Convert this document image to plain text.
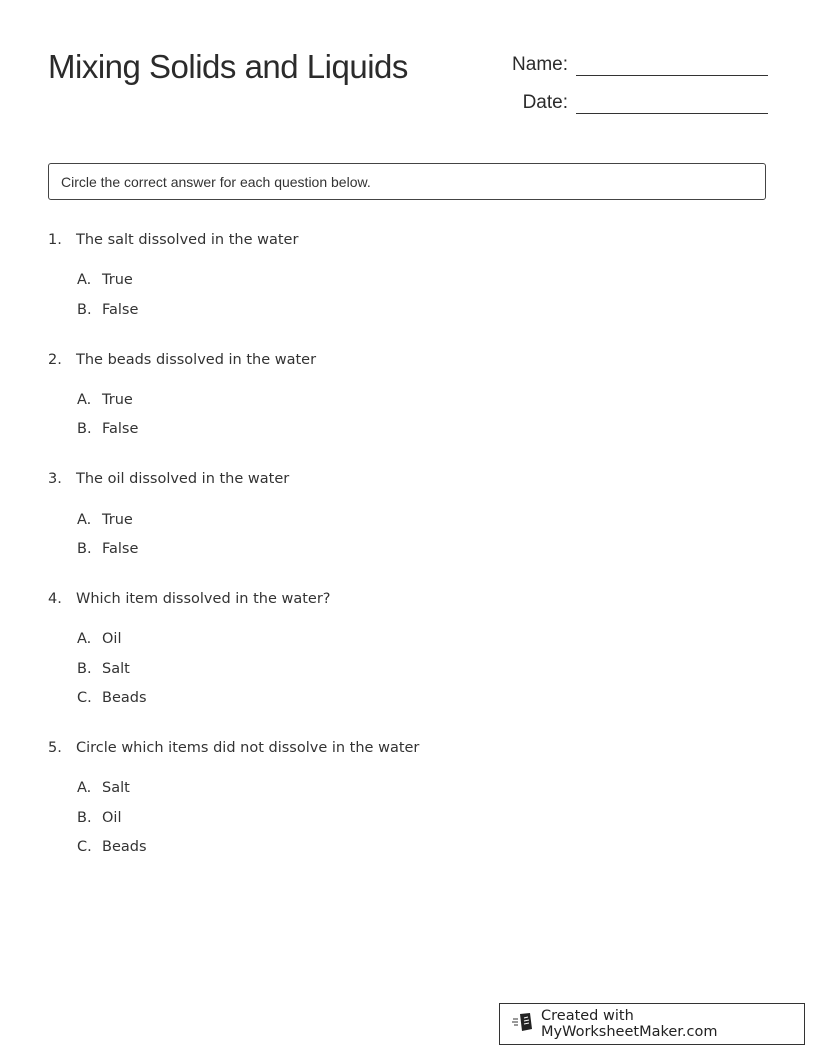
Mixing Solids and Liquids	Name:
Date:
Circle the correct answer for each question below.
1. The salt dissolved in the water
A. True
B. False
2. The beads dissolved in the water
A. True
B. False
3. The oil dissolved in the water
A. True
B. False
4. Which item dissolved in the water?
A. Oil
B. Salt
C. Beads
5. Circle which items did not dissolve in the water
A. Salt
B. Oil
C. Beads
Created with MyWorksheetMaker.com
